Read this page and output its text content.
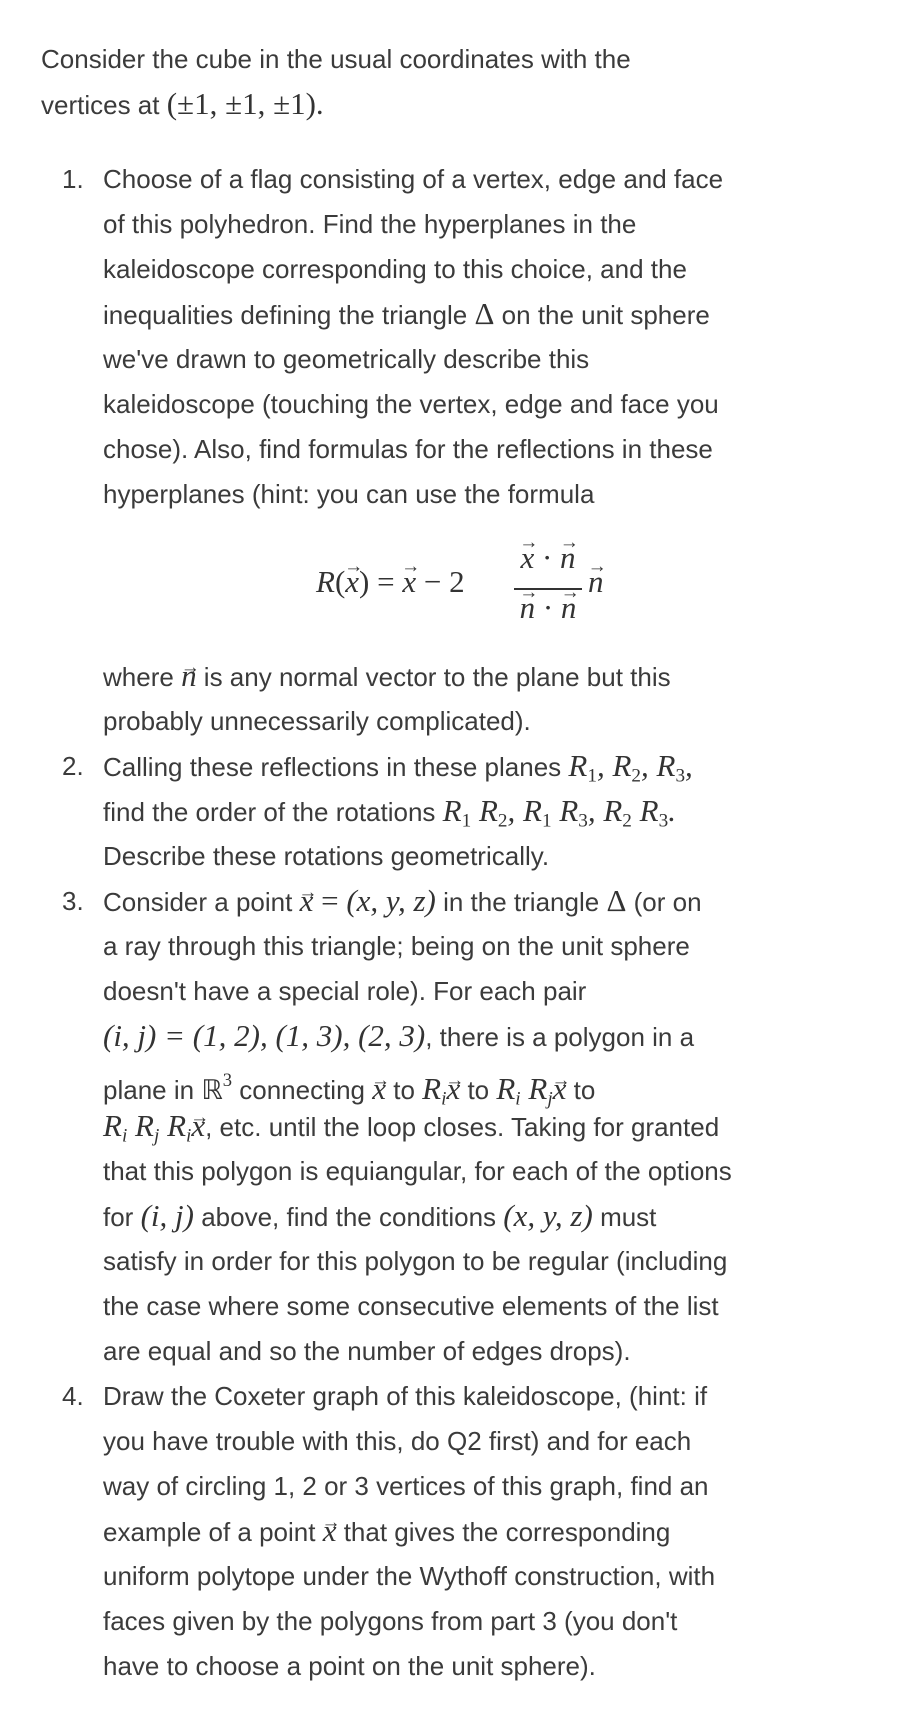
Consider the cube in the usual coordinates with the
vertices at (±1, ±1, ±1).
1. Choose of a flag consisting of a vertex, edge and face
of this polyhedron. Find the hyperplanes in the
kaleidoscope corresponding to this choice, and the
inequalities defining the triangle Δ on the unit sphere
we've drawn to geometrically describe this
kaleidoscope (touching the vertex, edge and face you
chose). Also, find formulas for the reflections in these
hyperplanes (hint: you can use the formula
R(x →) = x → − 2
x → · n →
n → · n →
n →
where n → is any normal vector to the plane but this
probably unnecessarily complicated).
2. Calling these reflections in these planes $R_1$, $R_2$, $R_3$,
find the order of the rotations $R_1$ $R_2$, $R_1$ $R_3$, $R_2$ $R_3$.
Describe these rotations geometrically.
3. Consider a point x → = (x, y, z) in the triangle Δ (or on
a ray through this triangle; being on the unit sphere
doesn't have a special role). For each pair
(i, j) = (1, 2), (1, 3), (2, 3), there is a polygon in a
plane in ℝ$^3$ connecting x → to $R_ix$ → to $R_i$ $R_jx$ → to
$R_i$ $R_j$ $R_ix$ →, etc. until the loop closes. Taking for granted
that this polygon is equiangular, for each of the options
for (i, j) above, find the conditions (x, y, z) must
satisfy in order for this polygon to be regular (including
the case where some consecutive elements of the list
are equal and so the number of edges drops).
4. Draw the Coxeter graph of this kaleidoscope, (hint: if
you have trouble with this, do Q2 first) and for each
way of circling 1, 2 or 3 vertices of this graph, find an
example of a point x → that gives the corresponding
uniform polytope under the Wythoff construction, with
faces given by the polygons from part 3 (you don't
have to choose a point on the unit sphere).
